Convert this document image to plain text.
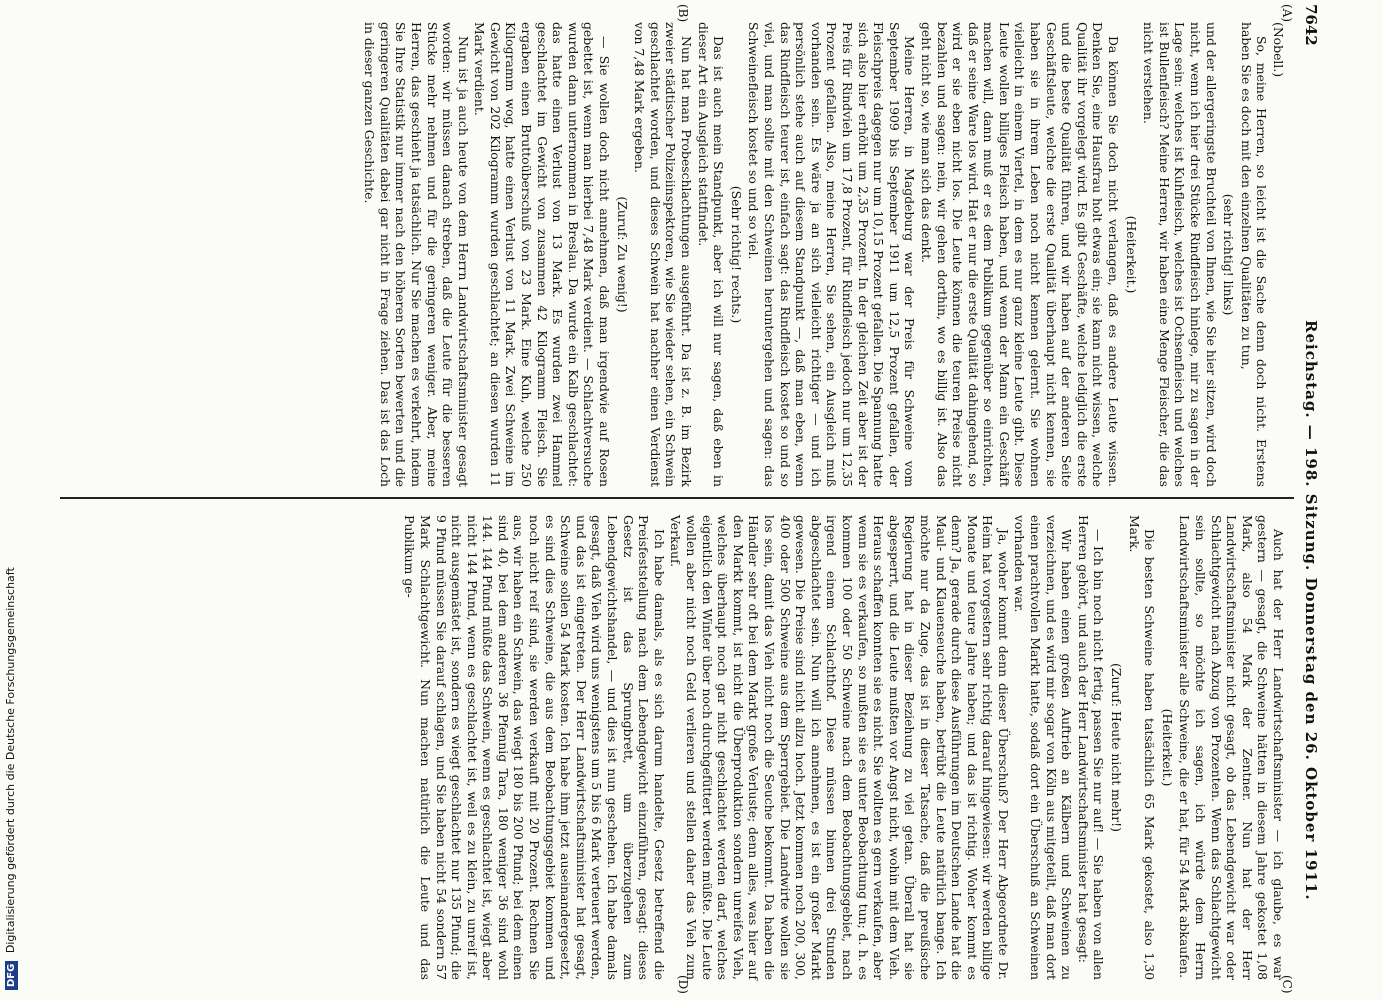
7642
Reichstag. — 198. Sitzung. Donnerstag den 26. Oktober 1911.
(A)
(B)
(C)
(D)

(Nobell.)

So, meine Herren, so leicht ist die Sache denn doch nicht. Erstens haben Sie es doch mit den einzelnen Qualitäten zu tun,

(sehr richtig! links)

und der allergeringste Bruchteil von Ihnen, wie Sie hier sitzen, wird doch nicht, wenn ich hier drei Stücke Rindfleisch hinlege, mir zu sagen in der Lage sein: welches ist Kuhfleisch, welches ist Ochsenfleisch und welches ist Bullenfleisch? Meine Herren, wir haben eine Menge Fleischer, die das nicht verstehen.

(Heiterkeit.)

Da können Sie doch nicht verlangen, daß es andere Leute wissen. Denken Sie, eine Hausfrau holt etwas ein; sie kann nicht wissen, welche Qualität ihr vorgelegt wird. Es gibt Geschäfte, welche lediglich die erste und die beste Qualität führen, und wir haben auf der anderen Seite Geschäftsleute, welche die erste Qualität überhaupt nicht kennen, sie haben sie in ihrem Leben noch nicht kennen gelernt. Sie wohnen vielleicht in einem Viertel, in dem es nur ganz kleine Leute gibt. Diese Leute wollen billiges Fleisch haben, und wenn der Mann ein Geschäft machen will, dann muß er es dem Publikum gegenüber so einrichten, daß er seine Ware los wird. Hat er nur die erste Qualität dahingehend, so wird er sie eben nicht los. Die Leute können die teuren Preise nicht bezahlen und sagen: nein, wir gehen dorthin, wo es billig ist. Also das geht nicht so, wie man sich das denkt.

Meine Herren, in Magdeburg war der Preis für Schweine vom September 1909 bis September 1911 um 12,5 Prozent gefallen, der Fleischpreis dagegen nur um 10,15 Prozent gefallen. Die Spannung hatte sich also hier erhöht um 2,35 Prozent. In der gleichen Zeit aber ist der Preis für Rindvieh um 17,8 Prozent, für Rindfleisch jedoch nur um 12,35 Prozent gefallen. Also, meine Herren, Sie sehen, ein Ausgleich muß vorhanden sein. Es wäre ja an sich vielleicht richtiger — und ich persönlich stehe auch auf diesem Standpunkt —, daß man eben, wenn das Rindfleisch teurer ist, einfach sagt: das Rindfleisch kostet so und so viel, und man sollte mit den Schweinen heruntergehen und sagen: das Schweinefleisch kostet so und so viel.

(Sehr richtig! rechts.)

Das ist auch mein Standpunkt, aber ich will nur sagen, daß eben in dieser Art ein Ausgleich stattfindet.

Nun hat man Probeschlachtungen ausgeführt. Da ist z. B. im Bezirk zweier städtischer Polizeiinspektoren, wie Sie wieder sehen, ein Schwein geschlachtet worden, und dieses Schwein hat nachher einen Verdienst von 7,48 Mark ergeben.

(Zuruf: Zu wenig!)

— Sie wollen doch nicht annehmen, daß man irgendwie auf Rosen gebettet ist, wenn man hierbei 7,48 Mark verdient. — Schlachtversuche wurden dann unternommen in Breslau. Da wurde ein Kalb geschlachtet: das hatte einen Verlust von 13 Mark. Es wurden zwei Hammel geschlachtet im Gewicht von zusammen 42 Kilogramm Fleisch. Sie ergaben einen Bruttoüberschuß von 23 Mark. Eine Kuh, welche 250 Kilogramm wog, hatte einen Verlust von 11 Mark. Zwei Schweine im Gewicht von 202 Kilogramm wurden geschlachtet; an diesen wurden 11 Mark verdient.

Nun ist ja auch heute von dem Herrn Landwirtschaftsminister gesagt worden: wir müssen danach streben, daß die Leute für die besseren Stücke mehr nehmen und für die geringeren weniger. Aber, meine Herren, das geschieht ja tatsächlich. Nur Sie machen es verkehrt, indem Sie Ihre Statistik nur immer nach den höheren Sorten bewerten und die geringeren Qualitäten dabei gar nicht in Frage ziehen. Das ist das Loch in dieser ganzen Geschichte.

Auch hat der Herr Landwirtschaftsminister — ich glaube, es war gestern — gesagt, die Schweine hätten in diesem Jahre gekostet 1,08 Mark, also 54 Mark der Zentner. Nun hat der Herr Landwirtschaftsminister nicht gesagt, ob das Lebendgewicht war oder Schlachtgewicht nach Abzug von Prozenten. Wenn das Schlachtgewicht sein sollte, so möchte ich sagen, ich würde dem Herrn Landwirtschaftsminister alle Schweine, die er hat, für 54 Mark abkaufen.

(Heiterkeit.)

Die besten Schweine haben tatsächlich 65 Mark gekostet, also 1,30 Mark.

(Zuruf: Heute nicht mehr!)

— Ich bin noch nicht fertig, passen Sie nur auf! — Sie haben von allen Herren gehört, und auch der Herr Landwirtschaftsminister hat gesagt:

Wir haben einen großen Auftrieb an Kälbern und Schweinen zu verzeichnen, und es wird mir sogar von Köln aus mitgeteilt, daß man dort einen prachtvollen Markt hatte, sodaß dort ein Überschuß an Schweinen vorhanden war.

Ja, woher kommt denn dieser Überschuß? Der Herr Abgeordnete Dr. Heim hat vorgestern sehr richtig darauf hingewiesen: wir werden billige Monate und teure Jahre haben; und das ist richtig. Woher kommt es denn? Ja, gerade durch diese Ausführungen im Deutschen Lande hat die Maul- und Klauenseuche haben, betrübt die Leute natürlich bange. Ich möchte nur da Zuge, das ist in dieser Tatsache, daß die preußische Regierung hat in dieser Beziehung zu viel getan. Überall hat sie abgesperrt, und die Leute mußten vor Angst nicht, wohin mit dem Vieh. Heraus schaffen konnten sie es nicht. Sie wollten es gern verkaufen, aber wenn sie es verkaufen, so mußten sie es unter Beobachtung tun; d. h. es kommen 100 oder 50 Schweine nach dem Beobachtungsgebiet, nach irgend einem Schlachthof. Diese müssen binnen drei Stunden abgeschlachtet sein. Nun will ich annehmen, es ist ein großer Markt gewesen. Die Preise sind nicht allzu hoch. Jetzt kommen noch 200, 300, 400 oder 500 Schweine aus dem Sperrgebiet. Die Landwirte wollen sie los sein, damit das Vieh nicht noch die Seuche bekommt. Da haben die Händler sehr oft bei dem Markt große Verluste; denn alles, was hier auf den Markt kommt, ist nicht die Überproduktion sondern unreifes Vieh, welches überhaupt noch gar nicht geschlachtet werden darf, welches eigentlich den Winter über noch durchgefüttert werden müßte. Die Leute wollen aber nicht noch Geld verlieren und stellen daher das Vieh zum Verkauf.

Ich habe damals, als es sich darum handelte, Gesetz betreffend die Preisfeststellung nach dem Lebendgewicht einzuführen, gesagt: dieses Gesetz ist das Sprungbrett, um überzugehen zum Lebendgewichtshandel, — und dies ist nun geschehen. Ich habe damals gesagt, daß Vieh wird uns wenigstens um 5 bis 6 Mark verteuert werden, und das ist eingetreten. Der Herr Landwirtschaftsminister hat gesagt, Schweine sollen 54 Mark kosten. Ich habe ihm jetzt auseinandergesetzt, es sind dies Schweine, die aus dem Beobachtungsgebiet kommen und noch nicht reif sind, sie werden verkauft mit 20 Prozent. Rechnen Sie aus, wir haben ein Schwein, das wiegt 180 bis 200 Pfund; bei dem einen sind 40, bei dem anderen 36 Pfennig Tara, 180 weniger 36 sind wohl 144. 144 Pfund müßte das Schwein, wenn es geschlachtet ist, wiegt aber nicht 144 Pfund, wenn es geschlachtet ist, weil es zu klein, zu unreif ist, nicht ausgemästet ist, sondern es wiegt geschlachtet nur 135 Pfund; die 9 Pfund müssen Sie darauf schlagen, und Sie haben nicht 54 sondern 57 Mark Schlachtgewicht. Nun machen natürlich die Leute und das Publikum ge-

DFG Digitalisierung gefördert durch die Deutsche Forschungsgemeinschaft
